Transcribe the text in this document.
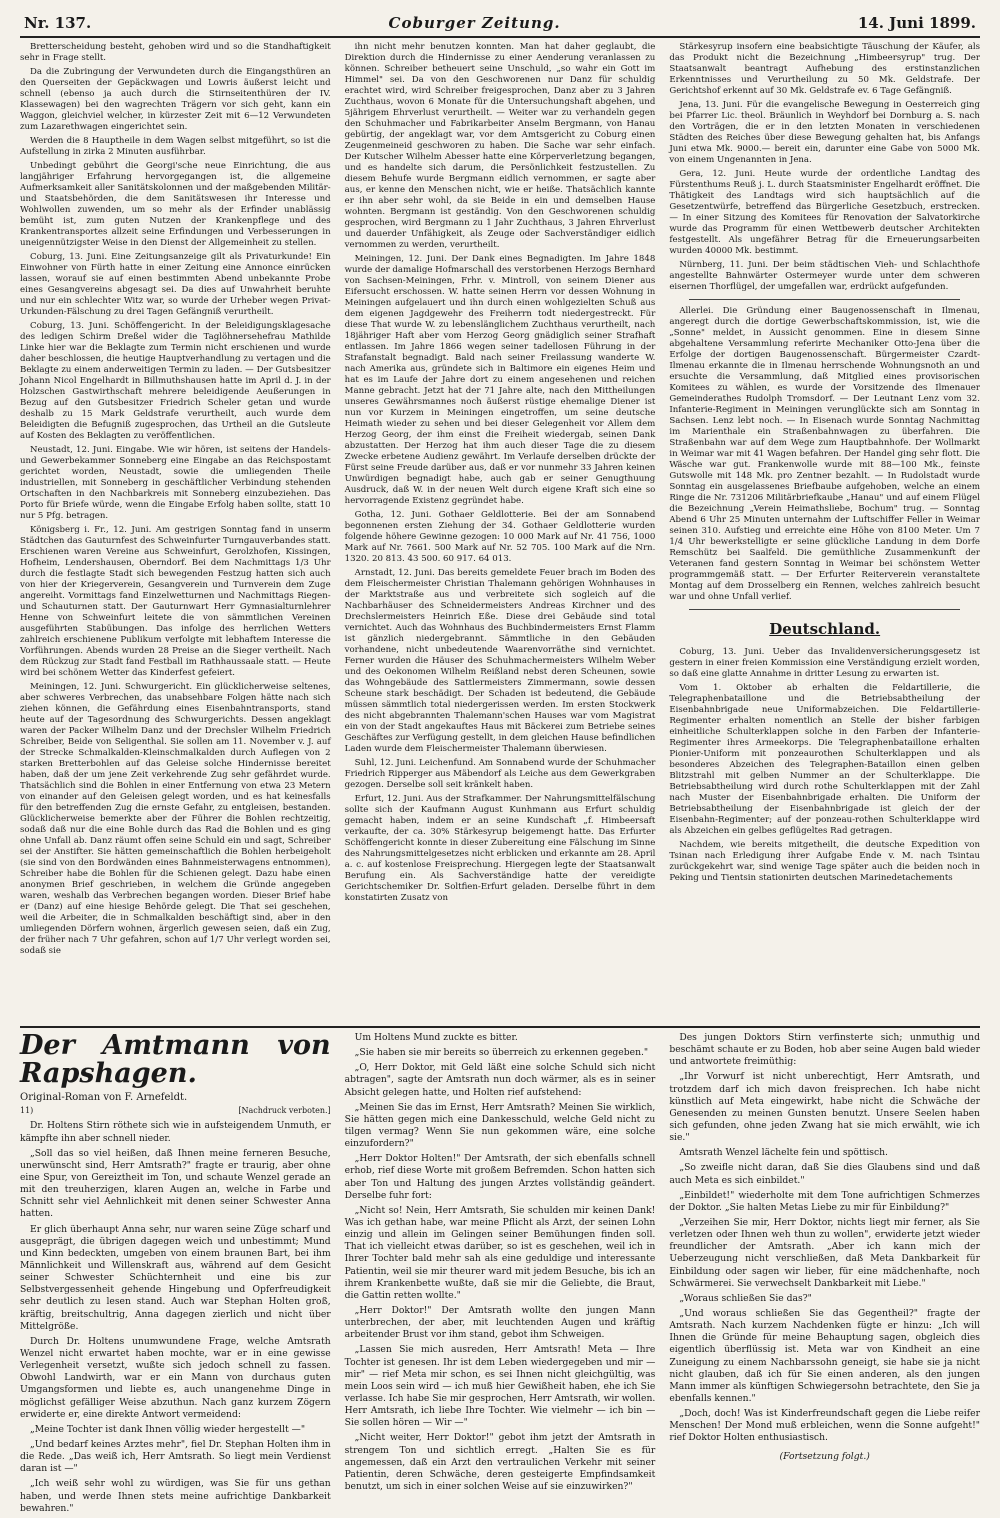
Nr. 137.	Coburger Zeitung.	14. Juni 1899.

Bretterscheidung besteht, gehoben wird und so die Standhaftigkeit sehr in Frage stellt.

Da die Zubringung der Verwundeten durch die Eingangsthüren an den Querseiten der Gepäckwagen und Lowris äußerst leicht und schnell (ebenso ja auch durch die Stirnseitenthüren der IV. Klassewagen) bei den wagrechten Trägern vor sich geht, kann ein Waggon, gleichviel welcher, in kürzester Zeit mit 6—12 Verwundeten zum Lazarethwagen eingerichtet sein.

Werden die 8 Hauptheile in dem Wagen selbst mitgeführt, so ist die Aufstellung in zirka 2 Minuten ausführbar.

Unbedingt gebührt die Georgi'sche neue Einrichtung, die aus langjähriger Erfahrung hervorgegangen ist, die allgemeine Aufmerksamkeit aller Sanitätskolonnen und der maßgebenden Militär- und Staatsbehörden, die dem Sanitätswesen ihr Interesse und Wohlwollen zuwenden, um so mehr als der Erfinder unablässig bemüht ist, zum guten Nutzen der Krankenpflege und des Krankentransportes allzeit seine Erfindungen und Verbesserungen in uneigennützigster Weise in den Dienst der Allgemeinheit zu stellen.

Coburg, 13. Juni. Eine Zeitungsanzeige gilt als Privaturkunde! Ein Einwohner von Fürth hatte in einer Zeitung eine Annonce einrücken lassen, worauf sie auf einen bestimmten Abend unbekannte Probe eines Gesangvereins abgesagt sei. Da dies auf Unwahrheit beruhte und nur ein schlechter Witz war, so wurde der Urheber wegen Privat-Urkunden-Fälschung zu drei Tagen Gefängniß verurtheilt.

Coburg, 13. Juni. Schöffengericht. In der Beleidigungsklagesache des ledigen Schirm Dreßel wider die Taglöhnersehefrau Mathilde Linke hier war die Beklagte zum Termin nicht erschienen und wurde daher beschlossen, die heutige Hauptverhandlung zu vertagen und die Beklagte zu einem anderweitigen Termin zu laden. — Der Gutsbesitzer Johann Nicol Engelhardt in Billmuthshausen hatte im April d. J. in der Holzschen Gastwirthschaft mehrere beleidigende Aeußerungen in Bezug auf den Gutsbesitzer Friedrich Scheler getan und wurde deshalb zu 15 Mark Geldstrafe verurtheilt, auch wurde dem Beleidigten die Befugniß zugesprochen, das Urtheil an die Gutsleute auf Kosten des Beklagten zu veröffentlichen.

Neustadt, 12. Juni. Eingabe. Wie wir hören, ist seitens der Handels- und Gewerbekammer Sonneberg eine Eingabe an das Reichspostamt gerichtet worden, Neustadt, sowie die umliegenden Theile industriellen, mit Sonneberg in geschäftlicher Verbindung stehenden Ortschaften in den Nachbarkreis mit Sonneberg einzubeziehen. Das Porto für Briefe würde, wenn die Eingabe Erfolg haben sollte, statt 10 nur 5 Pfg. betragen.

Königsberg i. Fr., 12. Juni. Am gestrigen Sonntag fand in unserm Städtchen das Gauturnfest des Schweinfurter Turngauverbandes statt. Erschienen waren Vereine aus Schweinfurt, Gerolzhofen, Kissingen, Hofheim, Lendershausen, Oberndorf. Bei dem Nachmittags 1/3 Uhr durch die festlagte Stadt sich bewegenden Festzug hatten sich auch von hier der Kriegerverein, Gesangverein und Turnverein dem Zuge angereiht. Vormittags fand Einzelwetturnen und Nachmittags Riegen- und Schauturnen statt. Der Gauturnwart Herr Gymnasialturnlehrer Henne von Schweinfurt leitete die von sämmtlichen Vereinen ausgeführten Stabübungen. Das infolge des herrlichen Wetters zahlreich erschienene Publikum verfolgte mit lebhaftem Interesse die Vorführungen. Abends wurden 28 Preise an die Sieger vertheilt. Nach dem Rückzug zur Stadt fand Festball im Rathhaussaale statt. — Heute wird bei schönem Wetter das Kinderfest gefeiert.

Meiningen, 12. Juni. Schwurgericht. Ein glücklicherweise seltenes, aber schweres Verbrechen, das unabsehbare Folgen hätte nach sich ziehen können, die Gefährdung eines Eisenbahntransports, stand heute auf der Tagesordnung des Schwurgerichts. Dessen angeklagt waren der Packer Wilhelm Danz und der Drechsler Wilhelm Friedrich Schreiber, Beide von Seligenthal. Sie sollen am 11. November v. J. auf der Strecke Schmalkalden-Kleinschmalkalden durch Auflegen von 2 starken Bretterbohlen auf das Geleise solche Hindernisse bereitet haben, daß der um jene Zeit verkehrende Zug sehr gefährdet wurde. Thatsächlich sind die Bohlen in einer Entfernung von etwa 23 Metern von einander auf den Geleisen gelegt worden, und es hat keinesfalls für den betreffenden Zug die ernste Gefahr, zu entgleisen, bestanden. Glücklicherweise bemerkte aber der Führer die Bohlen rechtzeitig, sodaß daß nur die eine Bohle durch das Rad die Bohlen und es ging ohne Unfall ab. Danz räumt offen seine Schuld ein und sagt, Schreiber sei der Anstifter. Sie hätten gemeinschaftlich die Bohlen herbeigeholt (sie sind von den Bordwänden eines Bahnmeisterwagens entnommen), Schreiber habe die Bohlen für die Schienen gelegt. Dazu habe einen anonymen Brief geschrieben, in welchem die Gründe angegeben waren, weshalb das Verbrechen begangen worden. Dieser Brief habe er (Danz) auf eine hiesige Behörde gelegt. Die That sei geschehen, weil die Arbeiter, die in Schmalkalden beschäftigt sind, aber in den umliegenden Dörfern wohnen, ärgerlich gewesen seien, daß ein Zug, der früher nach 7 Uhr gefahren, schon auf 1/7 Uhr verlegt worden sei, sodaß sie

ihn nicht mehr benutzen konnten. Man hat daher geglaubt, die Direktion durch die Hindernisse zu einer Aenderung veranlassen zu können. Schreiber betheuert seine Unschuld, „so wahr ein Gott im Himmel" sei. Da von den Geschworenen nur Danz für schuldig erachtet wird, wird Schreiber freigesprochen, Danz aber zu 3 Jahren Zuchthaus, wovon 6 Monate für die Untersuchungshaft abgehen, und 5jährigem Ehrverlust verurtheilt. — Weiter war zu verhandeln gegen den Schuhmacher und Fabrikarbeiter Anselm Bergmann, von Hanau gebürtig, der angeklagt war, vor dem Amtsgericht zu Coburg einen Zeugenmeineid geschworen zu haben. Die Sache war sehr einfach. Der Kutscher Wilhelm Abesser hatte eine Körperverletzung begangen, und es handelte sich darum, die Persönlichkeit festzustellen. Zu diesem Behufe wurde Bergmann eidlich vernommen, er sagte aber aus, er kenne den Menschen nicht, wie er heiße. Thatsächlich kannte er ihn aber sehr wohl, da sie Beide in ein und demselben Hause wohnten. Bergmann ist geständig. Von den Geschworenen schuldig gesprochen, wird Bergmann zu 1 Jahr Zuchthaus, 3 Jahren Ehrverlust und dauerder Unfähigkeit, als Zeuge oder Sachverständiger eidlich vernommen zu werden, verurtheilt.

Meiningen, 12. Juni. Der Dank eines Begnadigten. Im Jahre 1848 wurde der damalige Hofmarschall des verstorbenen Herzogs Bernhard von Sachsen-Meiningen, Frhr. v. Mintroll, von seinem Diener aus Eifersucht erschossen. W. hatte seinen Herrn vor dessen Wohnung in Meiningen aufgelauert und ihn durch einen wohlgezielten Schuß aus dem eigenen Jagdgewehr des Freiherrn todt niedergestreckt. Für diese That wurde W. zu lebenslänglichem Zuchthaus verurtheilt, nach 18jähriger Haft aber vom Herzog Georg gnädiglich seiner Strafhaft entlassen. Im Jahre 1866 wegen seiner tadellosen Führung in der Strafanstalt begnadigt. Bald nach seiner Freilassung wanderte W. nach Amerika aus, gründete sich in Baltimore ein eigenes Heim und hat es im Laufe der Jahre dort zu einem angesehenen und reichen Manne gebracht. Jetzt hat der 71 Jahre alte, nach den Mittheilungen unseres Gewährsmannes noch äußerst rüstige ehemalige Diener ist nun vor Kurzem in Meiningen eingetroffen, um seine deutsche Heimath wieder zu sehen und bei dieser Gelegenheit vor Allem dem Herzog Georg, der ihm einst die Freiheit wiedergab, seinen Dank abzustatten. Der Herzog hat ihm auch dieser Tage die zu diesem Zwecke erbetene Audienz gewährt. Im Verlaufe derselben drückte der Fürst seine Freude darüber aus, daß er vor nunmehr 33 Jahren keinen Unwürdigen begnadigt habe, auch gab er seiner Genugthuung Ausdruck, daß W. in der neuen Welt durch eigene Kraft sich eine so hervorragende Existenz gegründet habe.

Gotha, 12. Juni. Gothaer Geldlotterie. Bei der am Sonnabend begonnenen ersten Ziehung der 34. Gothaer Geldlotterie wurden folgende höhere Gewinne gezogen: 10 000 Mark auf Nr. 41 756, 1000 Mark auf Nr. 7661. 500 Mark auf Nr. 52 705. 100 Mark auf die Nrn. 1320. 20 813. 43 500. 60 917. 64 013.

Arnstadt, 12. Juni. Das bereits gemeldete Feuer brach im Boden des dem Fleischermeister Christian Thalemann gehörigen Wohnhauses in der Marktstraße aus und verbreitete sich sogleich auf die Nachbarhäuser des Schneidermeisters Andreas Kirchner und des Drechslermeisters Heinrich Eße. Diese drei Gebäude sind total vernichtet. Auch das Wohnhaus des Buchbindermeisters Ernst Flamm ist gänzlich niedergebrannt. Sämmtliche in den Gebäuden vorhandene, nicht unbedeutende Waarenvorräthe sind vernichtet. Ferner wurden die Häuser des Schuhmachermeisters Wilhelm Weber und des Oekonomen Wilhelm Reißland nebst deren Scheunen, sowie das Wohngebäude des Sattlermeisters Zimmermann, sowie dessen Scheune stark beschädigt. Der Schaden ist bedeutend, die Gebäude müssen sämmtlich total niedergerissen werden. Im ersten Stockwerk des nicht abgebrannten Thalemann'schen Hauses war vom Magistrat ein von der Stadt angekauftes Haus mit Bäckerei zum Betriebe seines Geschäftes zur Verfügung gestellt, in dem gleichen Hause befindlichen Laden wurde dem Fleischermeister Thalemann überwiesen.

Suhl, 12. Juni. Leichenfund. Am Sonnabend wurde der Schuhmacher Friedrich Ripperger aus Mäbendorf als Leiche aus dem Gewerkgraben gezogen. Derselbe soll seit kränkelt haben.

Erfurt, 12. Juni. Aus der Strafkammer. Der Nahrungsmittelfälschung sollte sich der Kaufmann August Kunhmann aus Erfurt schuldig gemacht haben, indem er an seine Kundschaft „f. Himbeersaft verkaufte, der ca. 30% Stärkesyrup beigemengt hatte. Das Erfurter Schöffengericht konnte in dieser Zubereitung eine Fälschung im Sinne des Nahrungsmittelgesetzes nicht erblicken und erkannte am 28. April a. c. auf kostenlose Freisprechung. Hiergegen legte der Staatsanwalt Berufung ein. Als Sachverständige hatte der vereidigte Gerichtschemiker Dr. Soltfien-Erfurt geladen. Derselbe führt in dem konstatirten Zusatz von

Stärkesyrup insofern eine beabsichtigte Täuschung der Käufer, als das Produkt nicht die Bezeichnung „Himbeersyrup" trug. Der Staatsanwalt beantragt Aufhebung des erstinstanzlichen Erkenntnisses und Verurtheilung zu 50 Mk. Geldstrafe. Der Gerichtshof erkennt auf 30 Mk. Geldstrafe ev. 6 Tage Gefängniß.

Jena, 13. Juni. Für die evangelische Bewegung in Oesterreich ging bei Pfarrer Lic. theol. Bräunlich in Weyhdorf bei Dornburg a. S. nach den Vorträgen, die er in den letzten Monaten in verschiedenen Städten des Reiches über diese Bewegung gehalten hat, bis Anfangs Juni etwa Mk. 9000.— bereit ein, darunter eine Gabe von 5000 Mk. von einem Ungenannten in Jena.

Gera, 12. Juni. Heute wurde der ordentliche Landtag des Fürstenthums Reuß j. L. durch Staatsminister Engelhardt eröffnet. Die Thätigkeit des Landtags wird sich hauptsächlich auf die Gesetzentwürfe, betreffend das Bürgerliche Gesetzbuch, erstrecken. — In einer Sitzung des Komitees für Renovation der Salvatorkirche wurde das Programm für einen Wettbewerb deutscher Architekten festgestellt. Als ungefährer Betrag für die Erneuerungsarbeiten wurden 40000 Mk. bestimmt.

Nürnberg, 11. Juni. Der beim städtischen Vieh- und Schlachthofe angestellte Bahnwärter Ostermeyer wurde unter dem schweren eisernen Thorflügel, der umgefallen war, erdrückt aufgefunden.

Allerlei. Die Gründung einer Baugenossenschaft in Ilmenau, angeregt durch die dortige Gewerbschaftskommission, ist, wie die „Sonne" meldet, in Aussicht genommen. Eine in diesem Sinne abgehaltene Versammlung referirte Mechaniker Otto-Jena über die Erfolge der dortigen Baugenossenschaft. Bürgermeister Czardt-Ilmenau erkannte die in Ilmenau herrschende Wohnungsnoth an und ersuchte die Versammlung, daß Mitglied eines provisorischen Komitees zu wählen, es wurde der Vorsitzende des Ilmenauer Gemeinderathes Rudolph Tromsdorf. — Der Leutnant Lenz vom 32. Infanterie-Regiment in Meiningen verunglückte sich am Sonntag in Sachsen. Lenz lebt noch. — In Eisenach wurde Sonntag Nachmittag im Marienthale ein Straßenbahnwagen zu überfahren. Die Straßenbahn war auf dem Wege zum Hauptbahnhofe. Der Wollmarkt in Weimar war mit 41 Wagen befahren. Der Handel ging sehr flott. Die Wäsche war gut. Frankenwolle wurde mit 88—100 Mk., feinste Gutswolle mit 148 Mk. pro Zentner bezahlt. — In Rudolstadt wurde Sonntag ein ausgelassenes Briefbaube aufgehoben, welche an einem Ringe die Nr. 731206 Militärbriefkaube „Hanau" und auf einem Flügel die Bezeichnung „Verein Heimathsliebe, Bochum" trug. — Sonntag Abend 6 Uhr 25 Minuten unternahm der Luftschiffer Feller in Weimar seinen 310. Aufstieg und erreichte eine Höhe von 8100 Meter. Um 7 1/4 Uhr bewerkstelligte er seine glückliche Landung in dem Dorfe Remschütz bei Saalfeld. Die gemüthliche Zusammenkunft der Veteranen fand gestern Sonntag in Weimar bei schönstem Wetter programmgemäß statt. — Der Erfurter Reiterverein veranstaltete Montag auf dem Drosselberg ein Rennen, welches zahlreich besucht war und ohne Unfall verlief.

Deutschland.

Coburg, 13. Juni. Ueber das Invalidenversicherungsgesetz ist gestern in einer freien Kommission eine Verständigung erzielt worden, so daß eine glatte Annahme in dritter Lesung zu erwarten ist.

Vom 1. Oktober ab erhalten die Feldartillerie, die Telegraphenbataillone und die Betriebsabtheilung der Eisenbahnbrigade neue Uniformabzeichen. Die Feldartillerie-Regimenter erhalten nomentlich an Stelle der bisher farbigen einheitliche Schulterklappen solche in den Farben der Infanterie-Regimenter ihres Armeekorps. Die Telegraphenbataillone erhalten Pionier-Uniform mit ponzeaurothen Schulterklappen und als besonderes Abzeichen des Telegraphen-Bataillon einen gelben Blitzstrahl mit gelben Nummer an der Schulterklappe. Die Betriebsabtheilung wird durch rothe Schulterklappen mit der Zahl nach Muster der Eisenbahnbrigade erhalten. Die Uniform der Betriebsabtheilung der Eisenbahnbrigade ist gleich der der Eisenbahn-Regimenter; auf der ponzeau-rothen Schulterklappe wird als Abzeichen ein gelbes geflügeltes Rad getragen.

Nachdem, wie bereits mitgetheilt, die deutsche Expedition von Tsinan nach Erledigung ihrer Aufgabe Ende v. M. nach Tsintau zurückgekehrt war, sind wenige Tage später auch die beiden noch in Peking und Tientsin stationirten deutschen Marinedetachements

Der Amtmann von Rapshagen.
Original-Roman von F. Arnefeldt.
11)	[Nachdruck verboten.]

Dr. Holtens Stirn röthete sich wie in aufsteigendem Unmuth, er kämpfte ihn aber schnell nieder.

„Soll das so viel heißen, daß Ihnen meine ferneren Besuche, unerwünscht sind, Herr Amtsrath?" fragte er traurig, aber ohne eine Spur, von Gereiztheit im Ton, und schaute Wenzel gerade an mit den treuherzigen, klaren Augen an, welche in Farbe und Schnitt sehr viel Aehnlichkeit mit denen seiner Schwester Anna hatten.

Er glich überhaupt Anna sehr, nur waren seine Züge scharf und ausgeprägt, die übrigen dagegen weich und unbestimmt; Mund und Kinn bedeckten, umgeben von einem braunen Bart, bei ihm Männlichkeit und Willenskraft aus, während auf dem Gesicht seiner Schwester Schüchternheit und eine bis zur Selbstvergessenheit gehende Hingebung und Opferfreudigkeit sehr deutlich zu lesen stand. Auch war Stephan Holten groß, kräftig, breitschultrig, Anna dagegen zierlich und nicht über Mittelgröße.

Durch Dr. Holtens unumwundene Frage, welche Amtsrath Wenzel nicht erwartet haben mochte, war er in eine gewisse Verlegenheit versetzt, wußte sich jedoch schnell zu fassen. Obwohl Landwirth, war er ein Mann von durchaus guten Umgangsformen und liebte es, auch unangenehme Dinge in möglichst gefälliger Weise abzuthun. Nach ganz kurzem Zögern erwiderte er, eine direkte Antwort vermeidend:

„Meine Tochter ist dank Ihnen völlig wieder hergestellt —"

„Und bedarf keines Arztes mehr", fiel Dr. Stephan Holten ihm in die Rede. „Das weiß ich, Herr Amtsrath. So liegt mein Verdienst daran ist —"

„Ich weiß sehr wohl zu würdigen, was Sie für uns gethan haben, und werde Ihnen stets meine aufrichtige Dankbarkeit bewahren."

Um Holtens Mund zuckte es bitter.

„Sie haben sie mir bereits so überreich zu erkennen gegeben."

„O, Herr Doktor, mit Geld läßt eine solche Schuld sich nicht abtragen", sagte der Amtsrath nun doch wärmer, als es in seiner Absicht gelegen hatte, und Holten rief aufstehend:

„Meinen Sie das im Ernst, Herr Amtsrath? Meinen Sie wirklich, Sie hätten gegen mich eine Dankesschuld, welche Geld nicht zu tilgen vermag? Wenn Sie nun gekommen wäre, eine solche einzufordern?"

„Herr Doktor Holten!" Der Amtsrath, der sich ebenfalls schnell erhob, rief diese Worte mit großem Befremden. Schon hatten sich aber Ton und Haltung des jungen Arztes vollständig geändert. Derselbe fuhr fort:

„Nicht so! Nein, Herr Amtsrath, Sie schulden mir keinen Dank! Was ich gethan habe, war meine Pflicht als Arzt, der seinen Lohn einzig und allein im Gelingen seiner Bemühungen finden soll. That ich vielleicht etwas darüber, so ist es geschehen, weil ich in Ihrer Tochter bald mehr sah als eine geduldige und interessante Patientin, weil sie mir theurer ward mit jedem Besuche, bis ich an ihrem Krankenbette wußte, daß sie mir die Geliebte, die Braut, die Gattin retten wollte."

„Herr Doktor!" Der Amtsrath wollte den jungen Mann unterbrechen, der aber, mit leuchtenden Augen und kräftig arbeitender Brust vor ihm stand, gebot ihm Schweigen.

„Lassen Sie mich ausreden, Herr Amtsrath! Meta — Ihre Tochter ist genesen. Ihr ist dem Leben wiedergegeben und mir — mir" — rief Meta mir schon, es sei Ihnen nicht gleichgültig, was mein Loos sein wird — ich muß hier Gewißheit haben, ehe ich Sie verlasse. Ich habe Sie mir gesprochen, Herr Amtsrath, wir wollen. Herr Amtsrath, ich liebe Ihre Tochter. Wie vielmehr — ich bin — Sie sollen hören — Wir —"

„Nicht weiter, Herr Doktor!" gebot ihm jetzt der Amtsrath in strengem Ton und sichtlich erregt. „Halten Sie es für angemessen, daß ein Arzt den vertraulichen Verkehr mit seiner Patientin, deren Schwäche, deren gesteigerte Empfindsamkeit benutzt, um sich in einer solchen Weise auf sie einzuwirken?"

Des jungen Doktors Stirn verfinsterte sich; unmuthig und beschämt schaute er zu Boden, hob aber seine Augen bald wieder und antwortete freimüthig:

„Ihr Vorwurf ist nicht unberechtigt, Herr Amtsrath, und trotzdem darf ich mich davon freisprechen. Ich habe nicht künstlich auf Meta eingewirkt, habe nicht die Schwäche der Genesenden zu meinen Gunsten benutzt. Unsere Seelen haben sich gefunden, ohne jeden Zwang hat sie mich erwählt, wie ich sie."

Amtsrath Wenzel lächelte fein und spöttisch.

„So zweifle nicht daran, daß Sie dies Glaubens sind und daß auch Meta es sich einbildet."

„Einbildet!" wiederholte mit dem Tone aufrichtigen Schmerzes der Doktor. „Sie halten Metas Liebe zu mir für Einbildung?"

„Verzeihen Sie mir, Herr Doktor, nichts liegt mir ferner, als Sie verletzen oder Ihnen weh thun zu wollen", erwiderte jetzt wieder freundlicher der Amtsrath. „Aber ich kann mich der Ueberzeugung nicht verschließen, daß Meta Dankbarkeit für Einbildung oder sagen wir lieber, für eine mädchenhafte, noch Schwärmerei. Sie verwechselt Dankbarkeit mit Liebe."

„Woraus schließen Sie das?"

„Und woraus schließen Sie das Gegentheil?" fragte der Amtsrath. Nach kurzem Nachdenken fügte er hinzu: „Ich will Ihnen die Gründe für meine Behauptung sagen, obgleich dies eigentlich überflüssig ist. Meta war von Kindheit an eine Zuneigung zu einem Nachbarssohn geneigt, sie habe sie ja nicht nicht glauben, daß ich für Sie einen anderen, als den jungen Mann immer als künftigen Schwiegersohn betrachtete, den Sie ja ebenfalls kennen."

„Doch, doch! Was ist Kinderfreundschaft gegen die Liebe reifer Menschen! Der Mond muß erbleichen, wenn die Sonne aufgeht!" rief Doktor Holten enthusiastisch.

(Fortsetzung folgt.)
